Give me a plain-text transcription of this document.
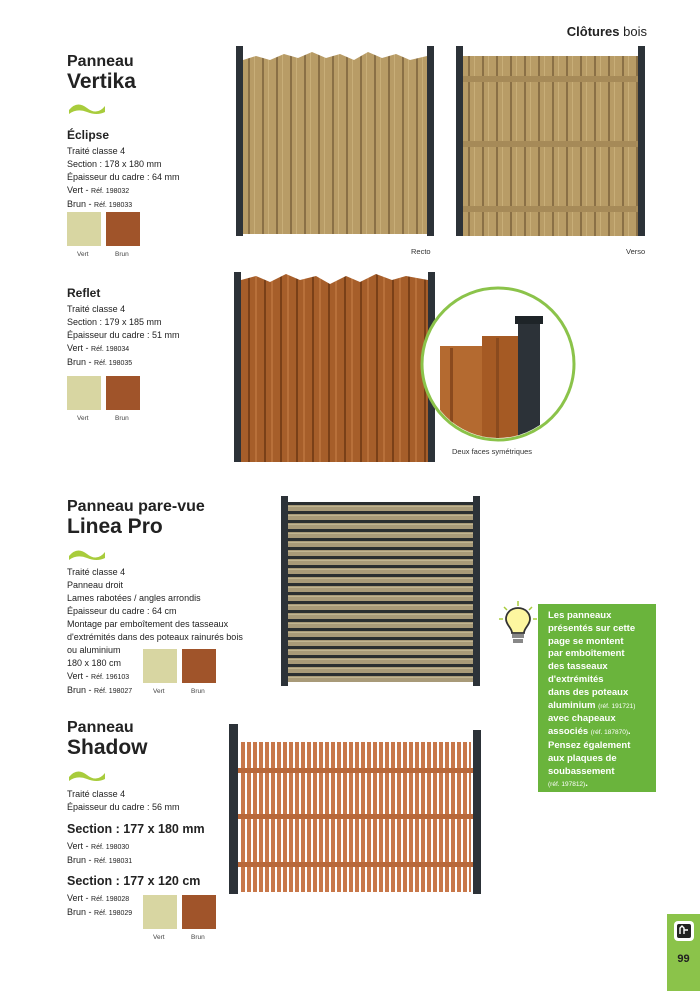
Clôtures bois
Panneau
Vertika
Éclipse
Traité classe 4
Section : 178 x 180 mm
Épaisseur du cadre : 64 mm
Vert - Réf. 198032
Brun - Réf. 198033
Vert	Brun	Recto	Verso
Reflet
Traité classe 4
Section : 179 x 185 mm
Épaisseur du cadre : 51 mm
Vert - Réf. 198034
Brun - Réf. 198035
Vert	Brun
Deux faces symétriques
Panneau pare-vue
Linea Pro
Traité classe 4
Panneau droit
Lames rabotées / angles arrondis
Épaisseur du cadre : 64 cm
Montage par emboîtement des tasseaux
d'extrémités dans des poteaux rainurés bois
ou aluminium
180 x 180 cm
Vert - Réf. 196103
Brun - Réf. 198027	Vert	Brun
Panneau
Shadow
Traité classe 4
Épaisseur du cadre : 56 mm
Section : 177 x 180 mm
Vert - Réf. 198030
Brun - Réf. 198031
Section : 177 x 120 cm
Vert - Réf. 198028
Brun - Réf. 198029
Vert	Brun
Les panneaux
présentés sur cette
page se montent
par emboîtement
des tasseaux
d'extrémités
dans des poteaux
aluminium (réf. 191721)
avec chapeaux
associés (réf. 187870).
Pensez également
aux plaques de
soubassement
(réf. 197812).
99
